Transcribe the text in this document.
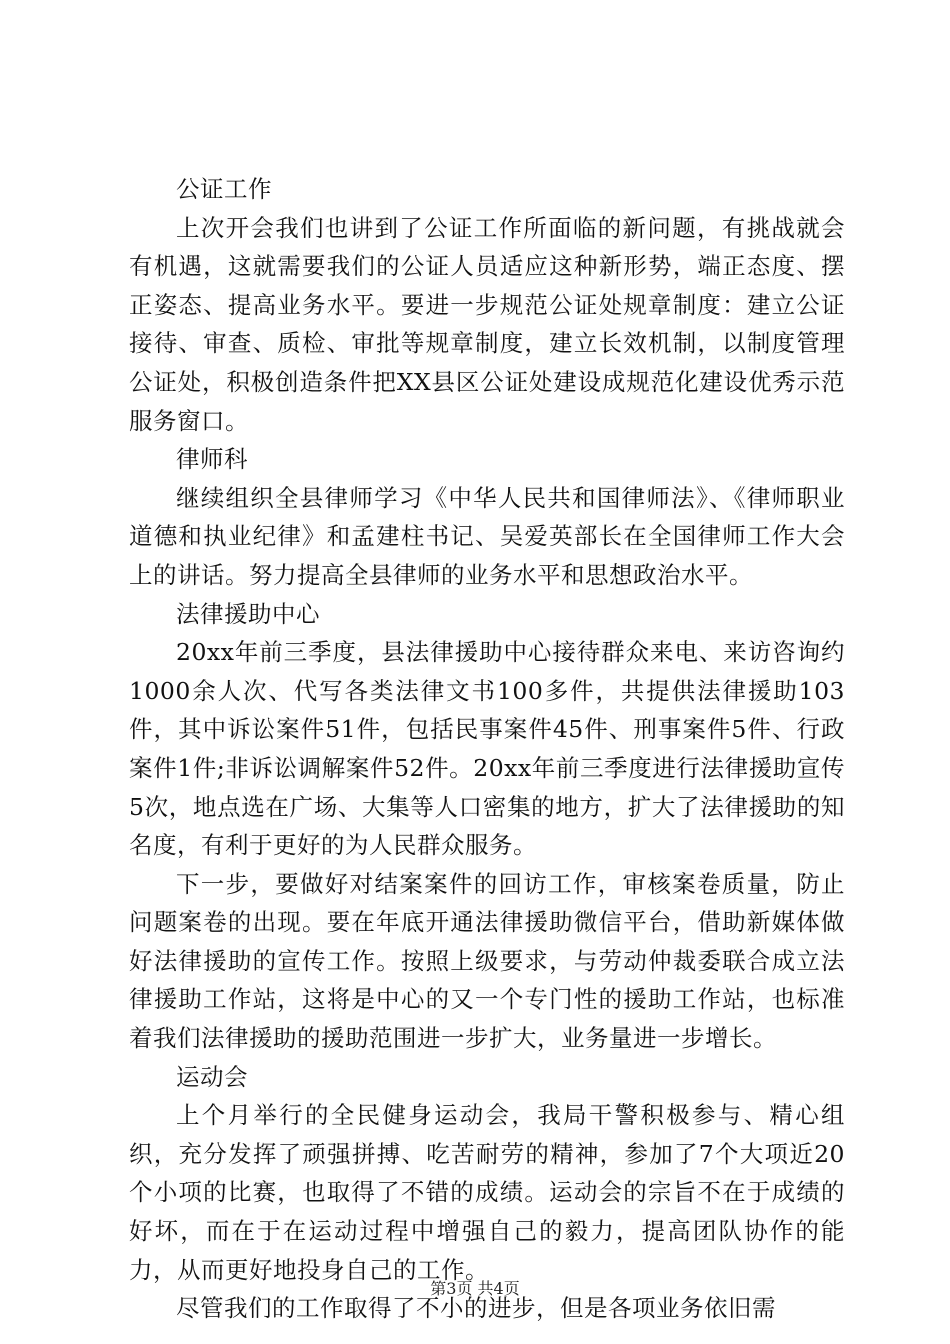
公证工作

上次开会我们也讲到了公证工作所面临的新问题，有挑战就会有机遇，这就需要我们的公证人员适应这种新形势，端正态度、摆正姿态、提高业务水平。要进一步规范公证处规章制度：建立公证接待、审查、质检、审批等规章制度，建立长效机制，以制度管理公证处，积极创造条件把XX县区公证处建设成规范化建设优秀示范服务窗口。

律师科

继续组织全县律师学习《中华人民共和国律师法》、《律师职业道德和执业纪律》和孟建柱书记、吴爱英部长在全国律师工作大会上的讲话。努力提高全县律师的业务水平和思想政治水平。

法律援助中心

20xx年前三季度，县法律援助中心接待群众来电、来访咨询约1000余人次、代写各类法律文书100多件，共提供法律援助103件，其中诉讼案件51件，包括民事案件45件、刑事案件5件、行政案件1件;非诉讼调解案件52件。20xx年前三季度进行法律援助宣传5次，地点选在广场、大集等人口密集的地方，扩大了法律援助的知名度，有利于更好的为人民群众服务。

下一步，要做好对结案案件的回访工作，审核案卷质量，防止问题案卷的出现。要在年底开通法律援助微信平台，借助新媒体做好法律援助的宣传工作。按照上级要求，与劳动仲裁委联合成立法律援助工作站，这将是中心的又一个专门性的援助工作站，也标准着我们法律援助的援助范围进一步扩大，业务量进一步增长。

运动会

上个月举行的全民健身运动会，我局干警积极参与、精心组织，充分发挥了顽强拼搏、吃苦耐劳的精神，参加了7个大项近20个小项的比赛，也取得了不错的成绩。运动会的宗旨不在于成绩的好坏，而在于在运动过程中增强自己的毅力，提高团队协作的能力，从而更好地投身自己的工作。

尽管我们的工作取得了不小的进步，但是各项业务依旧需

第3页 共4页
